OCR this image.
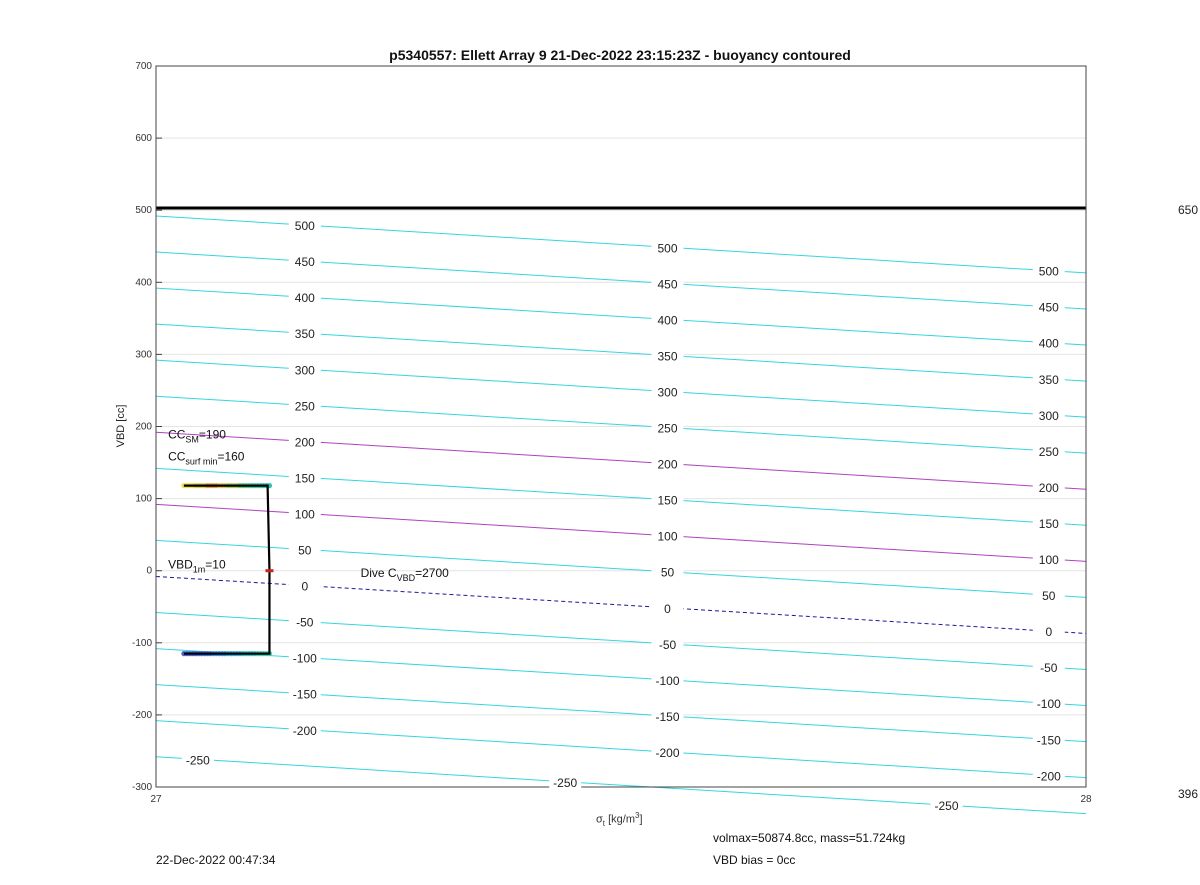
-300
-200
-100
0
100
200
300
400
500
600
700
27	28
-250
-250
-250
-200
-200
-200
-150
-150
-150
-100
-100
-100
-50
-50
-50
0
0
0
50
50
50
100
100
100
150
150
150
200
200
200
250
250
250
300
300
300
350
350
350
400
400
400
450
450
450
500
500
500
$CC_{SM}=190$
$CC_{surf min}=160$
$VBD_{1m}=10$
Dive $C_{VBD}=2700$
p5340557: Ellett Array 9 21-Dec-2022 23:15:23Z - buoyancy contoured
VBD [cc]
$\sigma_t$ $[kg/m^3]$
volmax=50874.8cc, mass=51.724kg
VBD bias = 0cc
22-Dec-2022 00:47:34
650
396
